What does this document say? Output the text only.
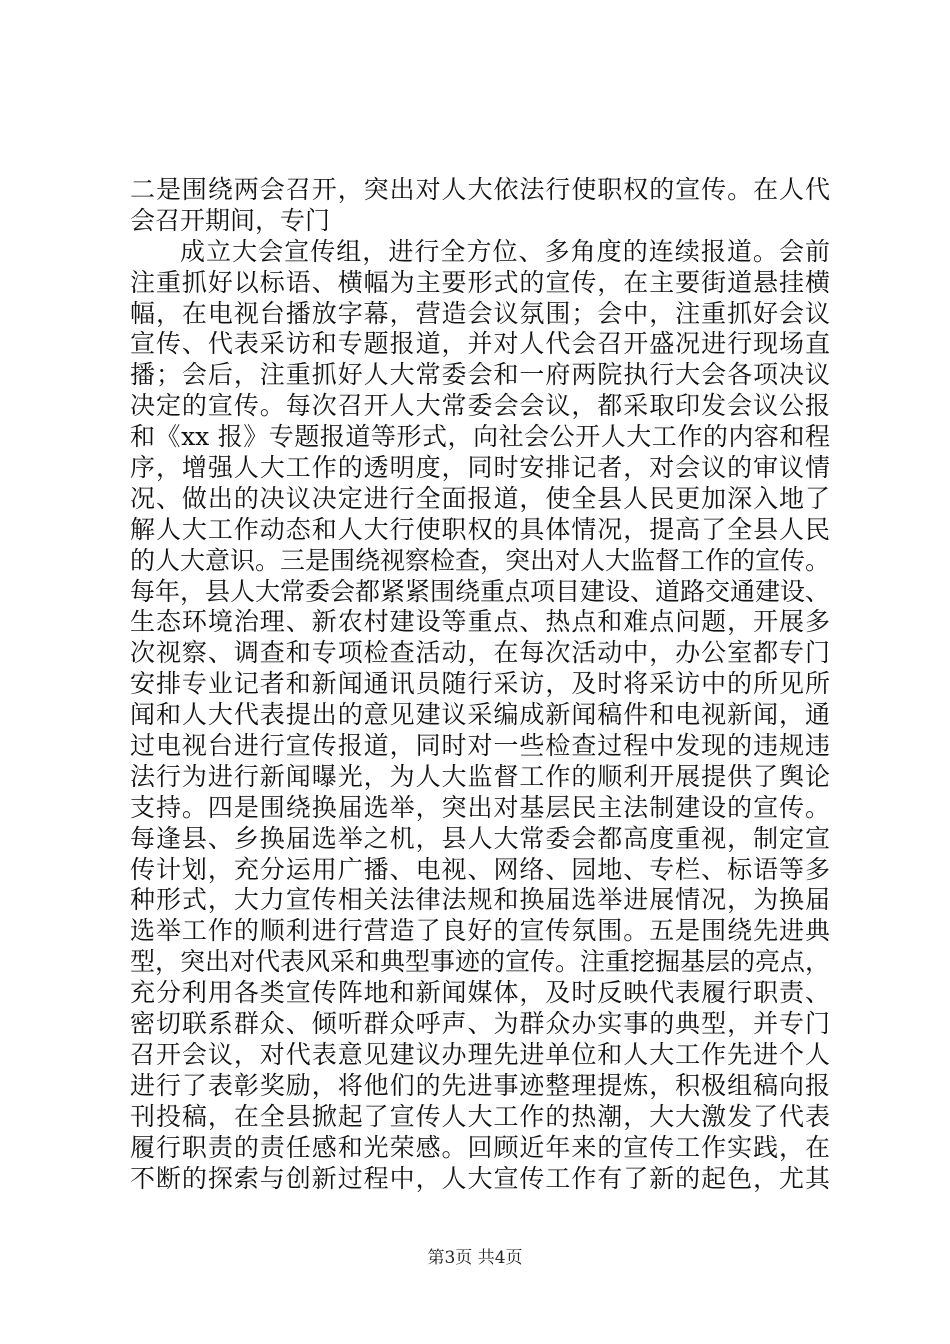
二是围绕两会召开，突出对人大依法行使职权的宣传。在人代
会召开期间，专门
成立大会宣传组，进行全方位、多角度的连续报道。会前
注重抓好以标语、横幅为主要形式的宣传，在主要街道悬挂横
幅，在电视台播放字幕，营造会议氛围；会中，注重抓好会议
宣传、代表采访和专题报道，并对人代会召开盛况进行现场直
播；会后，注重抓好人大常委会和一府两院执行大会各项决议
决定的宣传。每次召开人大常委会会议，都采取印发会议公报
和《xx 报》专题报道等形式，向社会公开人大工作的内容和程
序，增强人大工作的透明度，同时安排记者，对会议的审议情
况、做出的决议决定进行全面报道，使全县人民更加深入地了
解人大工作动态和人大行使职权的具体情况，提高了全县人民
的人大意识。三是围绕视察检查，突出对人大监督工作的宣传。
每年，县人大常委会都紧紧围绕重点项目建设、道路交通建设、
生态环境治理、新农村建设等重点、热点和难点问题，开展多
次视察、调查和专项检查活动，在每次活动中，办公室都专门
安排专业记者和新闻通讯员随行采访，及时将采访中的所见所
闻和人大代表提出的意见建议采编成新闻稿件和电视新闻，通
过电视台进行宣传报道，同时对一些检查过程中发现的违规违
法行为进行新闻曝光，为人大监督工作的顺利开展提供了舆论
支持。四是围绕换届选举，突出对基层民主法制建设的宣传。
每逢县、乡换届选举之机，县人大常委会都高度重视，制定宣
传计划，充分运用广播、电视、网络、园地、专栏、标语等多
种形式，大力宣传相关法律法规和换届选举进展情况，为换届
选举工作的顺利进行营造了良好的宣传氛围。五是围绕先进典
型，突出对代表风采和典型事迹的宣传。注重挖掘基层的亮点，
充分利用各类宣传阵地和新闻媒体，及时反映代表履行职责、
密切联系群众、倾听群众呼声、为群众办实事的典型，并专门
召开会议，对代表意见建议办理先进单位和人大工作先进个人
进行了表彰奖励，将他们的先进事迹整理提炼，积极组稿向报
刊投稿，在全县掀起了宣传人大工作的热潮，大大激发了代表
履行职责的责任感和光荣感。回顾近年来的宣传工作实践，在
不断的探索与创新过程中，人大宣传工作有了新的起色，尤其
第3页 共4页
